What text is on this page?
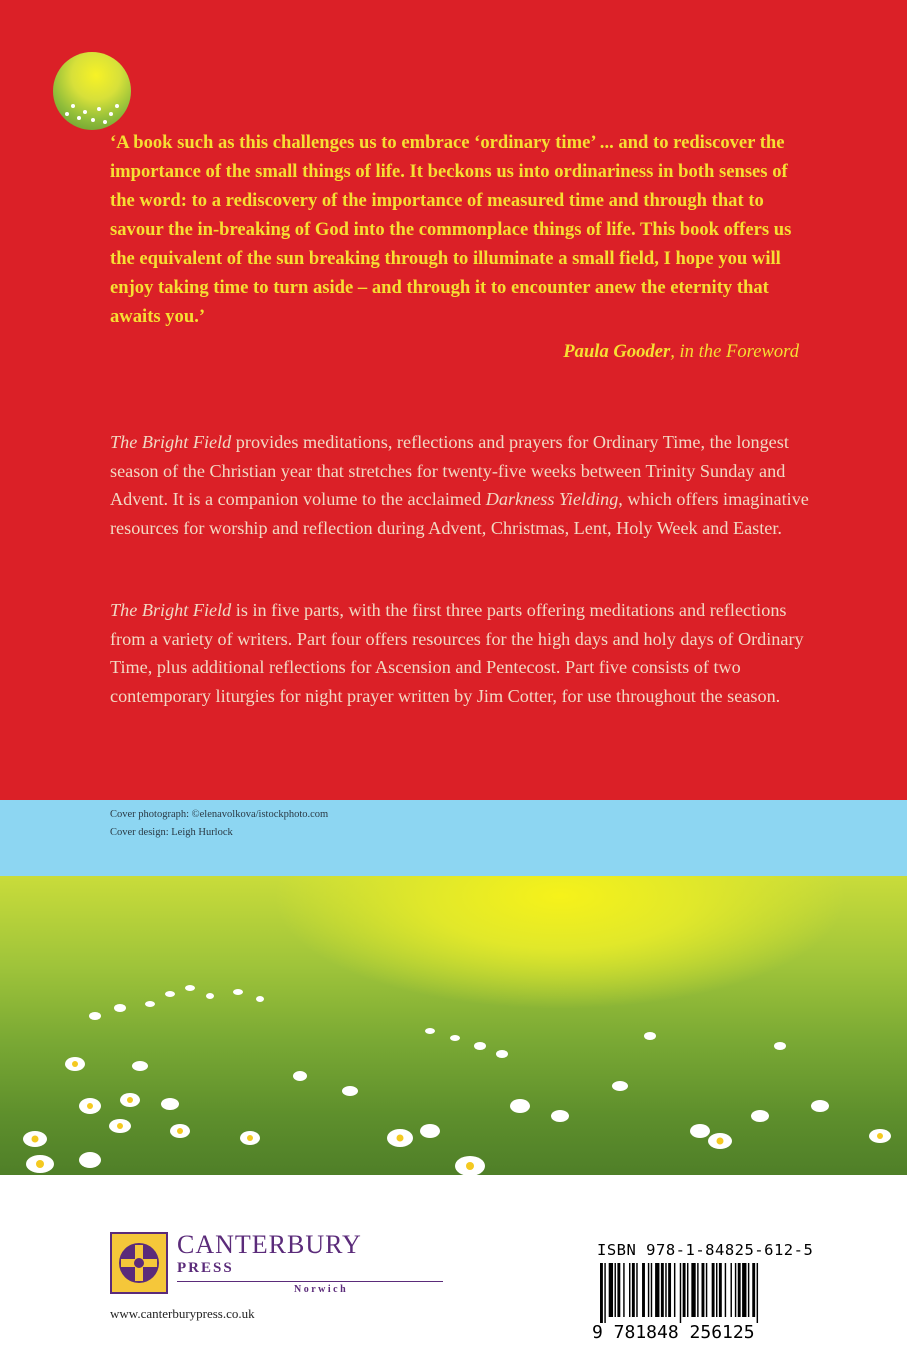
‘A book such as this challenges us to embrace ‘ordinary time’ ... and to rediscover the importance of the small things of life. It beckons us into ordinariness in both senses of the word: to a rediscovery of the importance of measured time and through that to savour the in-breaking of God into the commonplace things of life. This book offers us the equivalent of the sun breaking through to illuminate a small field, I hope you will enjoy taking time to turn aside – and through it to encounter anew the eternity that awaits you.’

Paula Gooder, in the Foreword

The Bright Field provides meditations, reflections and prayers for Ordinary Time, the longest season of the Christian year that stretches for twenty-five weeks between Trinity Sunday and Advent. It is a companion volume to the acclaimed Darkness Yielding, which offers imaginative resources for worship and reflection during Advent, Christmas, Lent, Holy Week and Easter.

The Bright Field is in five parts, with the first three parts offering meditations and reflections from a variety of writers. Part four offers resources for the high days and holy days of Ordinary Time, plus additional reflections for Ascension and Pentecost. Part five consists of two contemporary liturgies for night prayer written by Jim Cotter, for use throughout the season.

Cover photograph: ©elenavolkova/istockphoto.com
Cover design: Leigh Hurlock
CANTERBURY
PRESS
Norwich
www.canterburypress.co.uk
ISBN 978-1-84825-612-5
9 781848 256125
